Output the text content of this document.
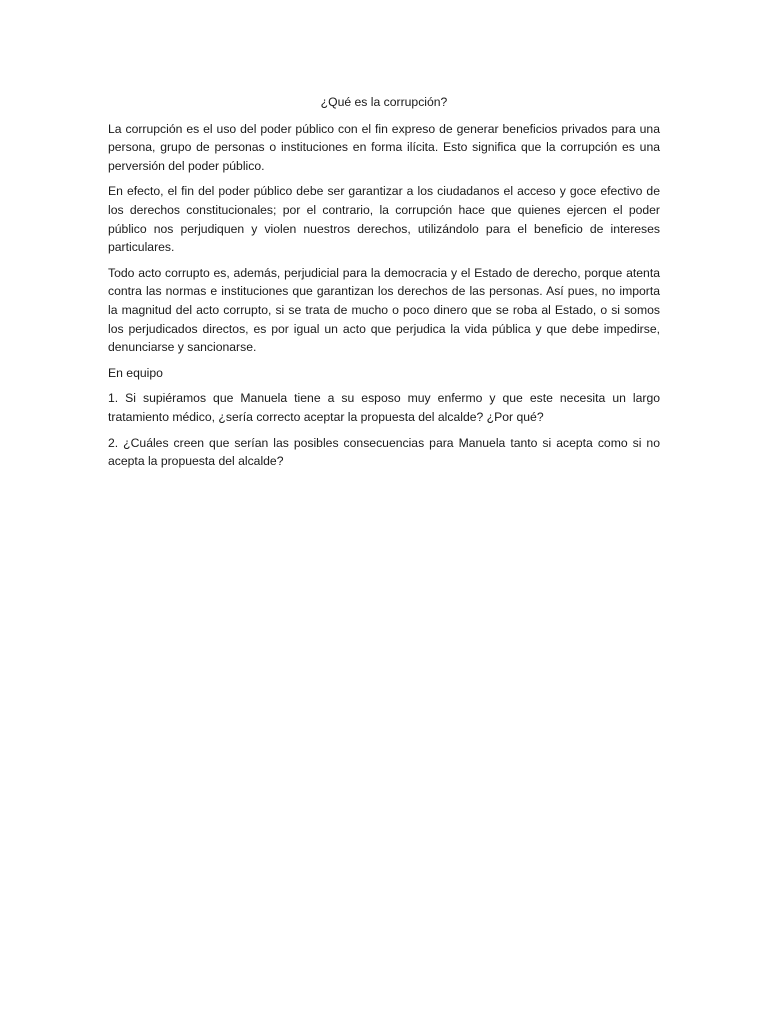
¿Qué es la corrupción?

La corrupción es el uso del poder público con el fin expreso de generar beneficios privados para una persona, grupo de personas o instituciones en forma ilícita. Esto significa que la corrupción es una perversión del poder público.

En efecto, el fin del poder público debe ser garantizar a los ciudadanos el acceso y goce efectivo de los derechos constitucionales; por el contrario, la corrupción hace que quienes ejercen el poder público nos perjudiquen y violen nuestros derechos, utilizándolo para el beneficio de intereses particulares.

Todo acto corrupto es, además, perjudicial para la democracia y el Estado de derecho, porque atenta contra las normas e instituciones que garantizan los derechos de las personas. Así pues, no importa la magnitud del acto corrupto, si se trata de mucho o poco dinero que se roba al Estado, o si somos los perjudicados directos, es por igual un acto que perjudica la vida pública y que debe impedirse, denunciarse y sancionarse.

En equipo

1. Si supiéramos que Manuela tiene a su esposo muy enfermo y que este necesita un largo tratamiento médico, ¿sería correcto aceptar la propuesta del alcalde? ¿Por qué?

2. ¿Cuáles creen que serían las posibles consecuencias para Manuela tanto si acepta como si no acepta la propuesta del alcalde?
